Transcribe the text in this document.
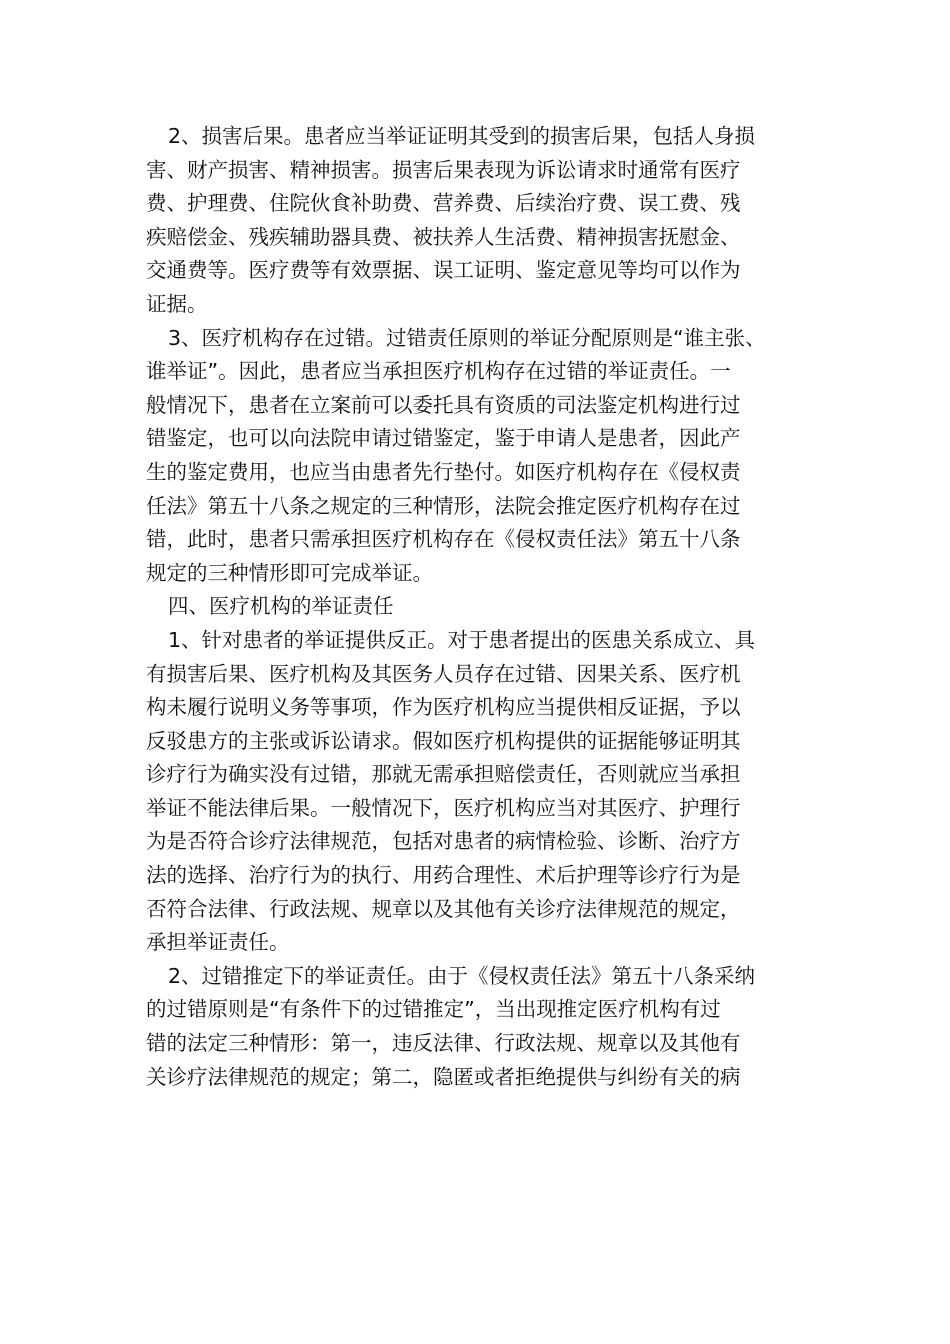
2、损害后果。患者应当举证证明其受到的损害后果，包括人身损
害、财产损害、精神损害。损害后果表现为诉讼请求时通常有医疗
费、护理费、住院伙食补助费、营养费、后续治疗费、误工费、残
疾赔偿金、残疾辅助器具费、被扶养人生活费、精神损害抚慰金、
交通费等。医疗费等有效票据、误工证明、鉴定意见等均可以作为
证据。
3、医疗机构存在过错。过错责任原则的举证分配原则是“谁主张、
谁举证”。因此，患者应当承担医疗机构存在过错的举证责任。一
般情况下，患者在立案前可以委托具有资质的司法鉴定机构进行过
错鉴定，也可以向法院申请过错鉴定，鉴于申请人是患者，因此产
生的鉴定费用，也应当由患者先行垫付。如医疗机构存在《侵权责
任法》第五十八条之规定的三种情形，法院会推定医疗机构存在过
错，此时，患者只需承担医疗机构存在《侵权责任法》第五十八条
规定的三种情形即可完成举证。
四、医疗机构的举证责任
1、针对患者的举证提供反正。对于患者提出的医患关系成立、具
有损害后果、医疗机构及其医务人员存在过错、因果关系、医疗机
构未履行说明义务等事项，作为医疗机构应当提供相反证据，予以
反驳患方的主张或诉讼请求。假如医疗机构提供的证据能够证明其
诊疗行为确实没有过错，那就无需承担赔偿责任，否则就应当承担
举证不能法律后果。一般情况下，医疗机构应当对其医疗、护理行
为是否符合诊疗法律规范，包括对患者的病情检验、诊断、治疗方
法的选择、治疗行为的执行、用药合理性、术后护理等诊疗行为是
否符合法律、行政法规、规章以及其他有关诊疗法律规范的规定，
承担举证责任。
2、过错推定下的举证责任。由于《侵权责任法》第五十八条采纳
的过错原则是“有条件下的过错推定”，当出现推定医疗机构有过
错的法定三种情形：第一，违反法律、行政法规、规章以及其他有
关诊疗法律规范的规定；第二，隐匿或者拒绝提供与纠纷有关的病
